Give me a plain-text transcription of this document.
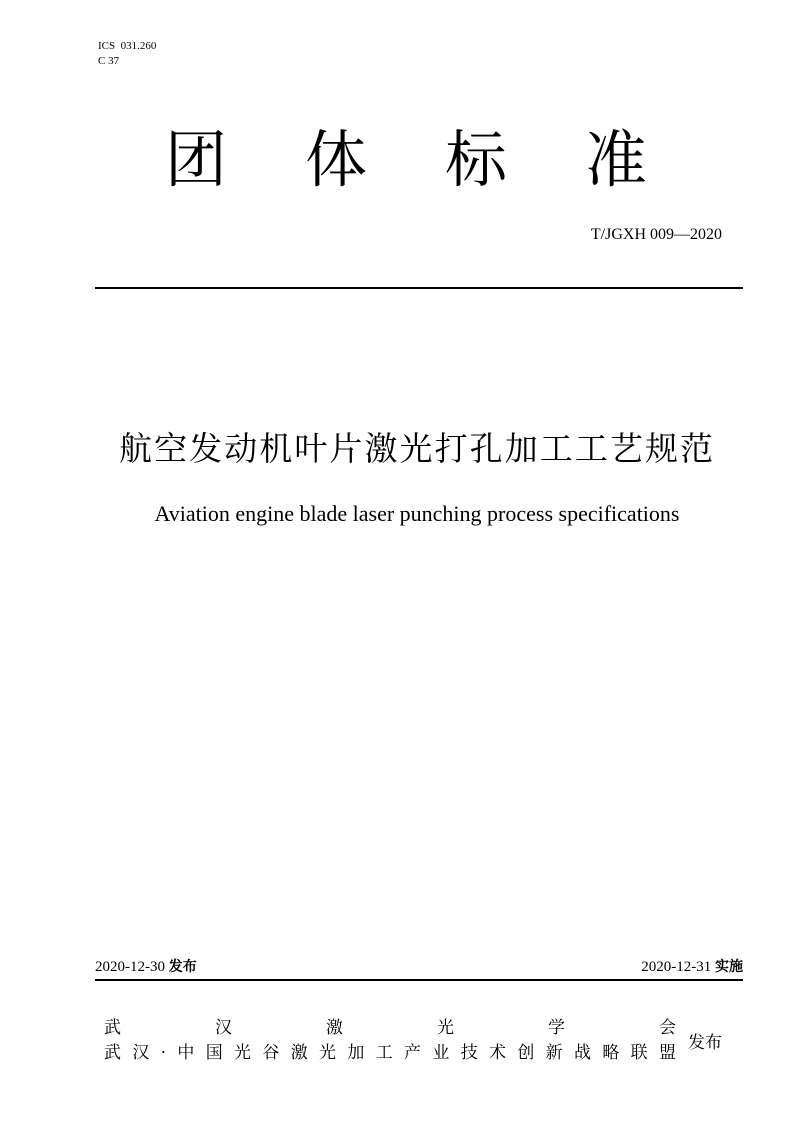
ICS  031.260
C 37
团体标准
T/JGXH 009—2020
航空发动机叶片激光打孔加工工艺规范
Aviation engine blade laser punching process specifications
2020-12-30 发布	2020-12-31 实施
武汉激光学会
武汉·中国光谷激光加工产业技术创新战略联盟 发布
